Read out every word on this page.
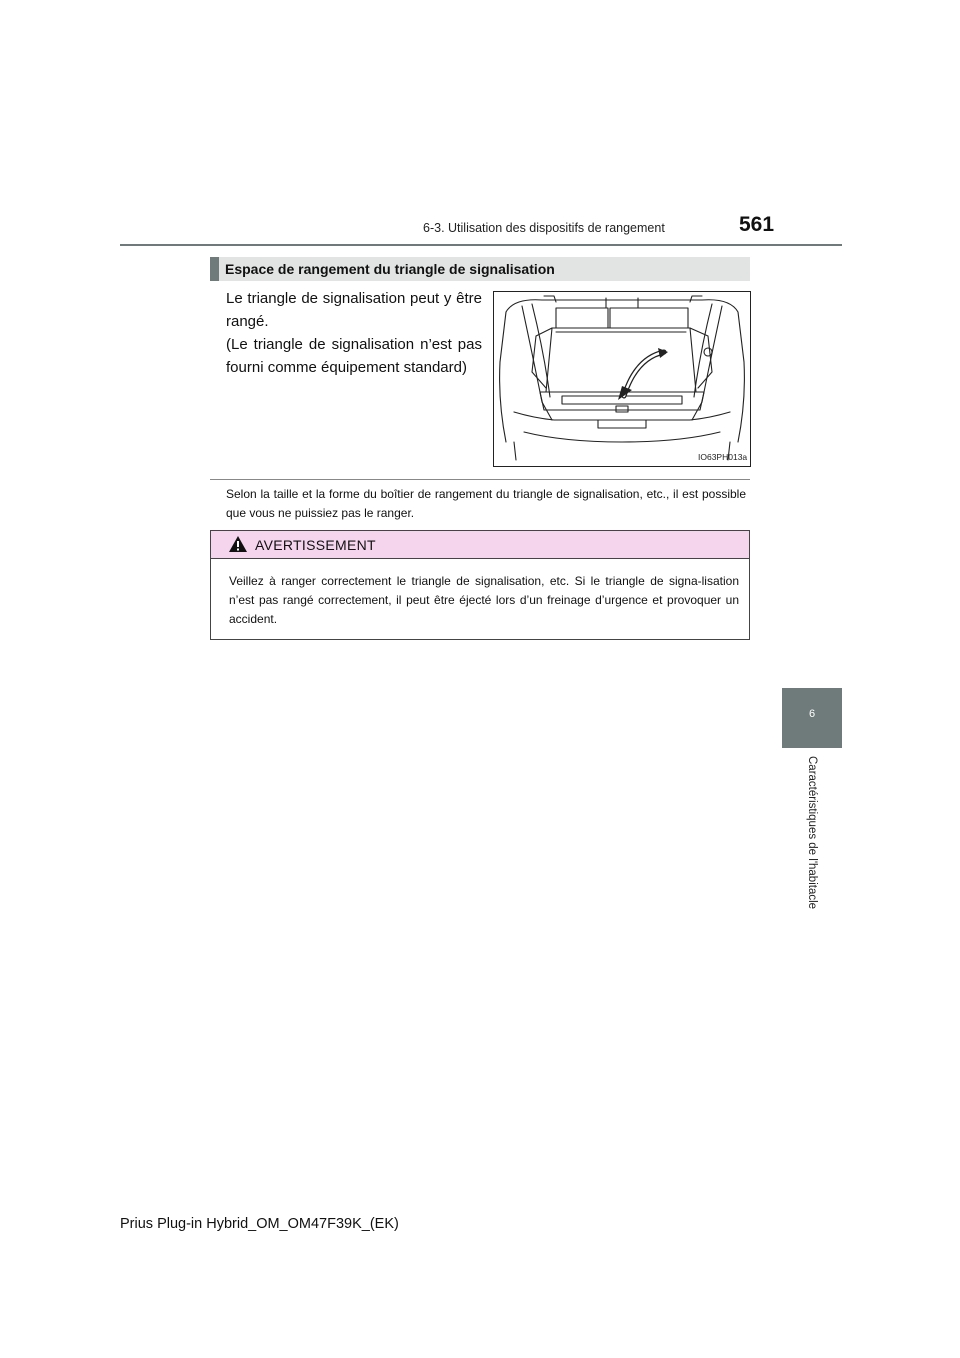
6-3. Utilisation des dispositifs de rangement	561
6
Caractéristiques de l'habitacle
Espace de rangement du triangle de signalisation
Le triangle de signalisation peut y être rangé.
(Le triangle de signalisation n’est pas fourni comme équipement standard)
IO63PH013a
Selon la taille et la forme du boîtier de rangement du triangle de signalisation, etc., il est possible que vous ne puissiez pas le ranger.
AVERTISSEMENT
Veillez à ranger correctement le triangle de signalisation, etc. Si le triangle de signa-lisation n’est pas rangé correctement, il peut être éjecté lors d’un freinage d’urgence et provoquer un accident.
Prius Plug-in Hybrid_OM_OM47F39K_(EK)
